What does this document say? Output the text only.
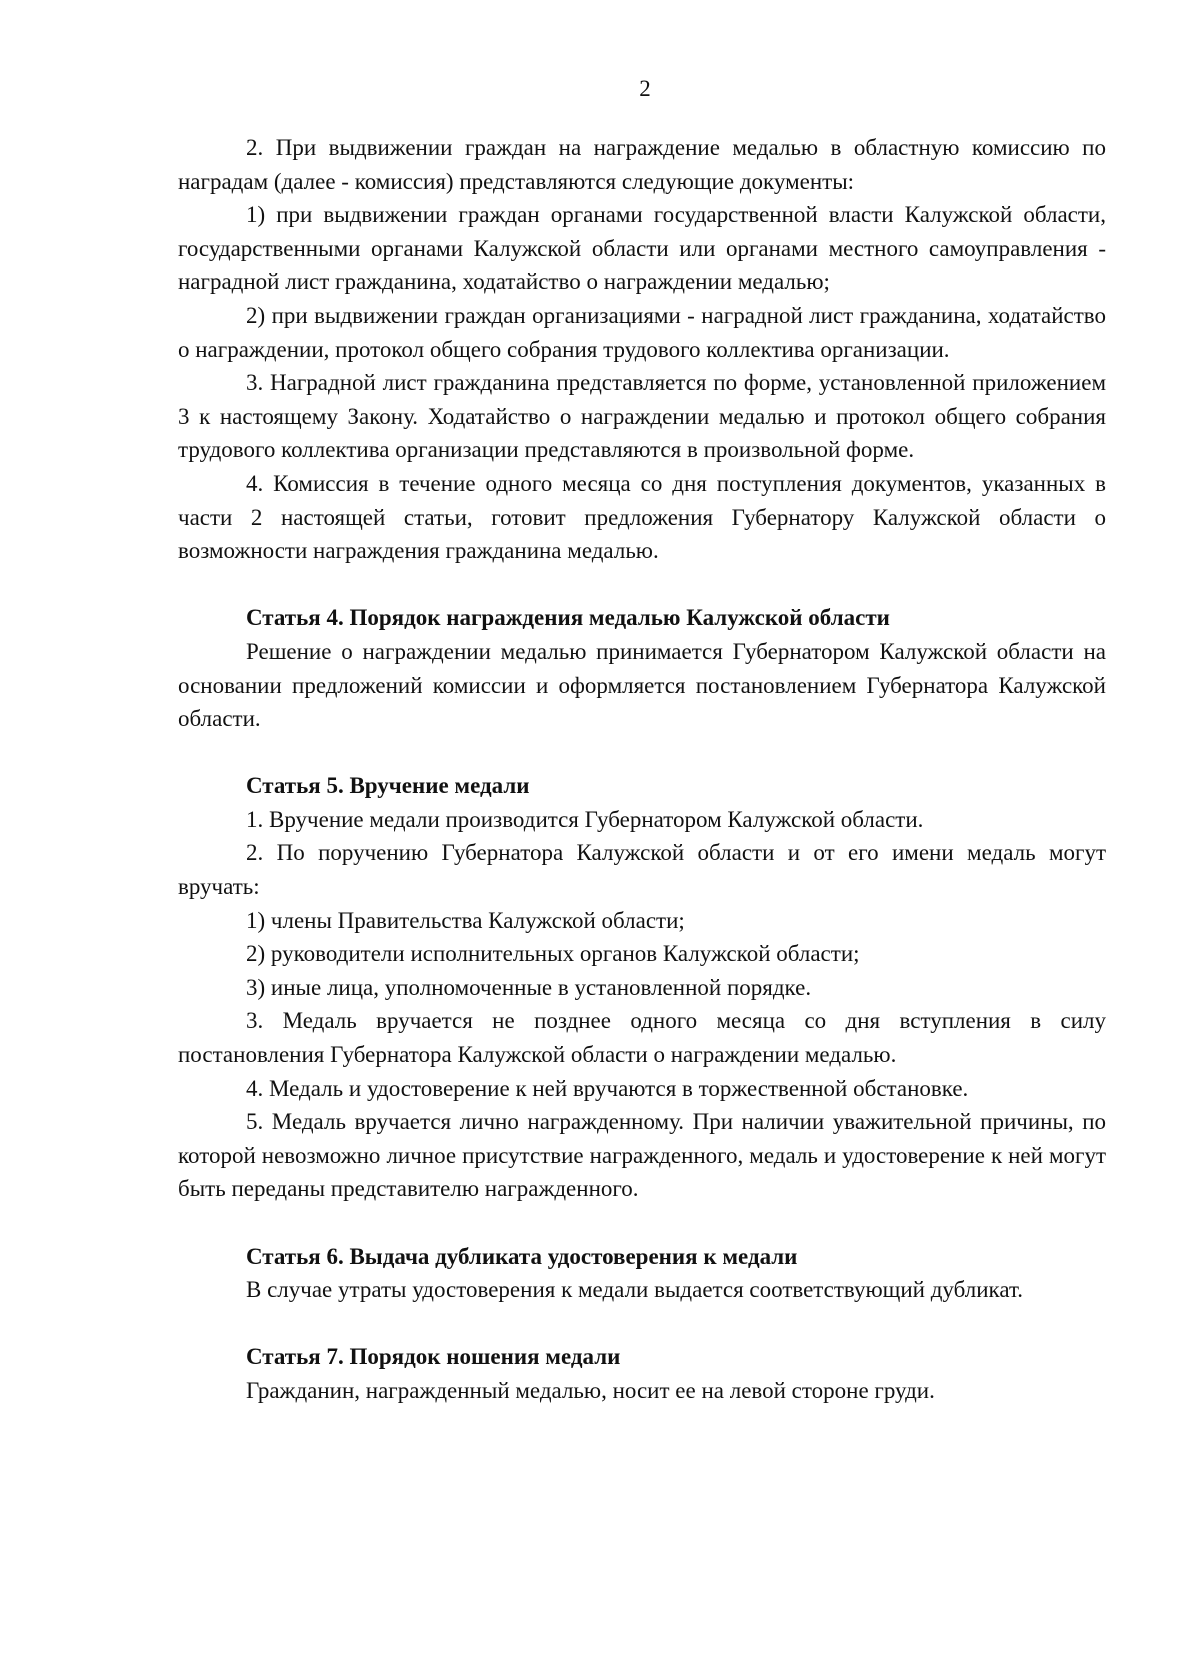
2

2. При выдвижении граждан на награждение медалью в областную комиссию по наградам (далее - комиссия) представляются следующие документы:

1) при выдвижении граждан органами государственной власти Калужской области, государственными органами Калужской области или органами местного самоуправления - наградной лист гражданина, ходатайство о награждении медалью;

2) при выдвижении граждан организациями - наградной лист гражданина, ходатайство о награждении, протокол общего собрания трудового коллектива организации.

3. Наградной лист гражданина представляется по форме, установленной приложением 3 к настоящему Закону. Ходатайство о награждении медалью и протокол общего собрания трудового коллектива организации представляются в произвольной форме.

4. Комиссия в течение одного месяца со дня поступления документов, указанных в части 2 настоящей статьи, готовит предложения Губернатору Калужской области о возможности награждения гражданина медалью.

Статья 4. Порядок награждения медалью Калужской области

Решение о награждении медалью принимается Губернатором Калужской области на основании предложений комиссии и оформляется постановлением Губернатора Калужской области.

Статья 5. Вручение медали

1. Вручение медали производится Губернатором Калужской области.

2. По поручению Губернатора Калужской области и от его имени медаль могут вручать:

1) члены Правительства Калужской области;

2) руководители исполнительных органов Калужской области;

3) иные лица, уполномоченные в установленной порядке.

3. Медаль вручается не позднее одного месяца со дня вступления в силу постановления Губернатора Калужской области о награждении медалью.

4. Медаль и удостоверение к ней вручаются в торжественной обстановке.

5. Медаль вручается лично награжденному. При наличии уважительной причины, по которой невозможно личное присутствие награжденного, медаль и удостоверение к ней могут быть переданы представителю награжденного.

Статья 6. Выдача дубликата удостоверения к медали

В случае утраты удостоверения к медали выдается соответствующий дубликат.

Статья 7. Порядок ношения медали

Гражданин, награжденный медалью, носит ее на левой стороне груди.
